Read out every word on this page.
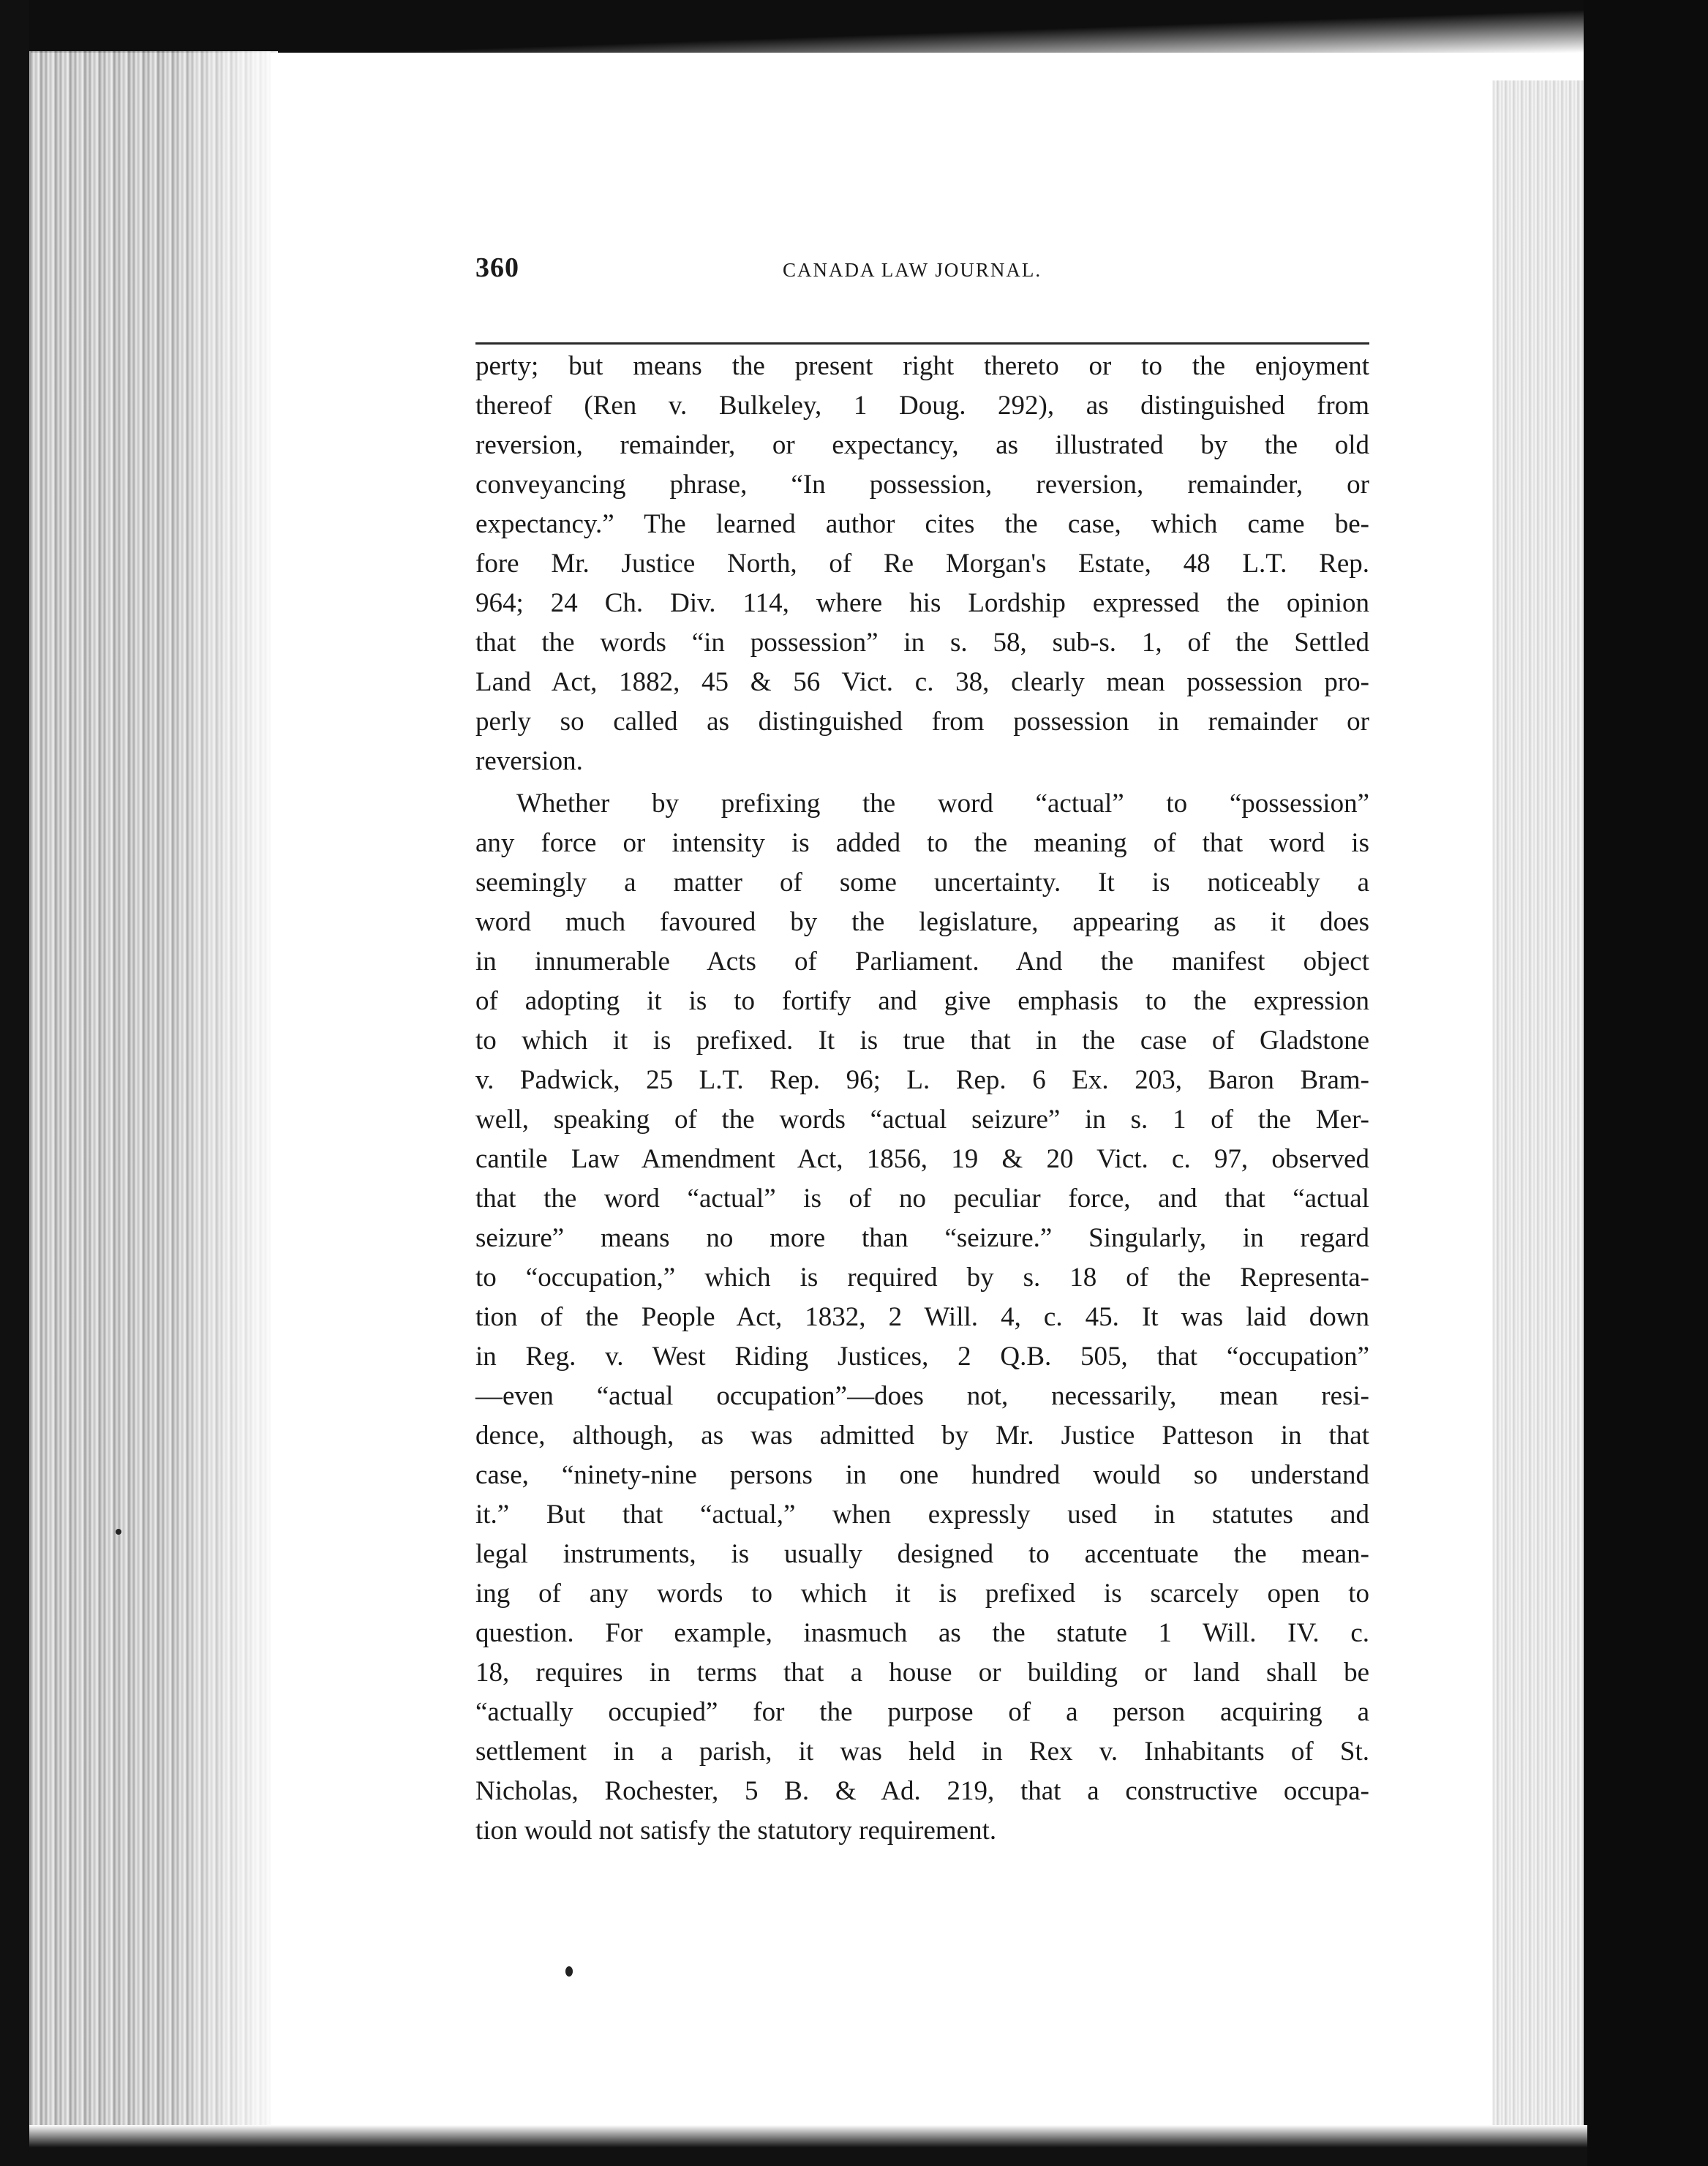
360	CANADA LAW JOURNAL.
perty; but means the present right thereto or to the enjoyment
thereof (Ren v. Bulkeley, 1 Doug. 292), as distinguished from
reversion, remainder, or expectancy, as illustrated by the old
conveyancing phrase, “In possession, reversion, remainder, or
expectancy.” The learned author cites the case, which came be-
fore Mr. Justice North, of Re Morgan's Estate, 48 L.T. Rep.
964; 24 Ch. Div. 114, where his Lordship expressed the opinion
that the words “in possession” in s. 58, sub-s. 1, of the Settled
Land Act, 1882, 45 & 56 Vict. c. 38, clearly mean possession pro-
perly so called as distinguished from possession in remainder or
reversion.
Whether by prefixing the word “actual” to “possession”
any force or intensity is added to the meaning of that word is
seemingly a matter of some uncertainty. It is noticeably a
word much favoured by the legislature, appearing as it does
in innumerable Acts of Parliament. And the manifest object
of adopting it is to fortify and give emphasis to the expression
to which it is prefixed. It is true that in the case of Gladstone
v. Padwick, 25 L.T. Rep. 96; L. Rep. 6 Ex. 203, Baron Bram-
well, speaking of the words “actual seizure” in s. 1 of the Mer-
cantile Law Amendment Act, 1856, 19 & 20 Vict. c. 97, observed
that the word “actual” is of no peculiar force, and that “actual
seizure” means no more than “seizure.” Singularly, in regard
to “occupation,” which is required by s. 18 of the Representa-
tion of the People Act, 1832, 2 Will. 4, c. 45. It was laid down
in Reg. v. West Riding Justices, 2 Q.B. 505, that “occupation”
—even “actual occupation”—does not, necessarily, mean resi-
dence, although, as was admitted by Mr. Justice Patteson in that
case, “ninety-nine persons in one hundred would so understand
it.” But that “actual,” when expressly used in statutes and
legal instruments, is usually designed to accentuate the mean-
ing of any words to which it is prefixed is scarcely open to
question. For example, inasmuch as the statute 1 Will. IV. c.
18, requires in terms that a house or building or land shall be
“actually occupied” for the purpose of a person acquiring a
settlement in a parish, it was held in Rex v. Inhabitants of St.
Nicholas, Rochester, 5 B. & Ad. 219, that a constructive occupa-
tion would not satisfy the statutory requirement.
